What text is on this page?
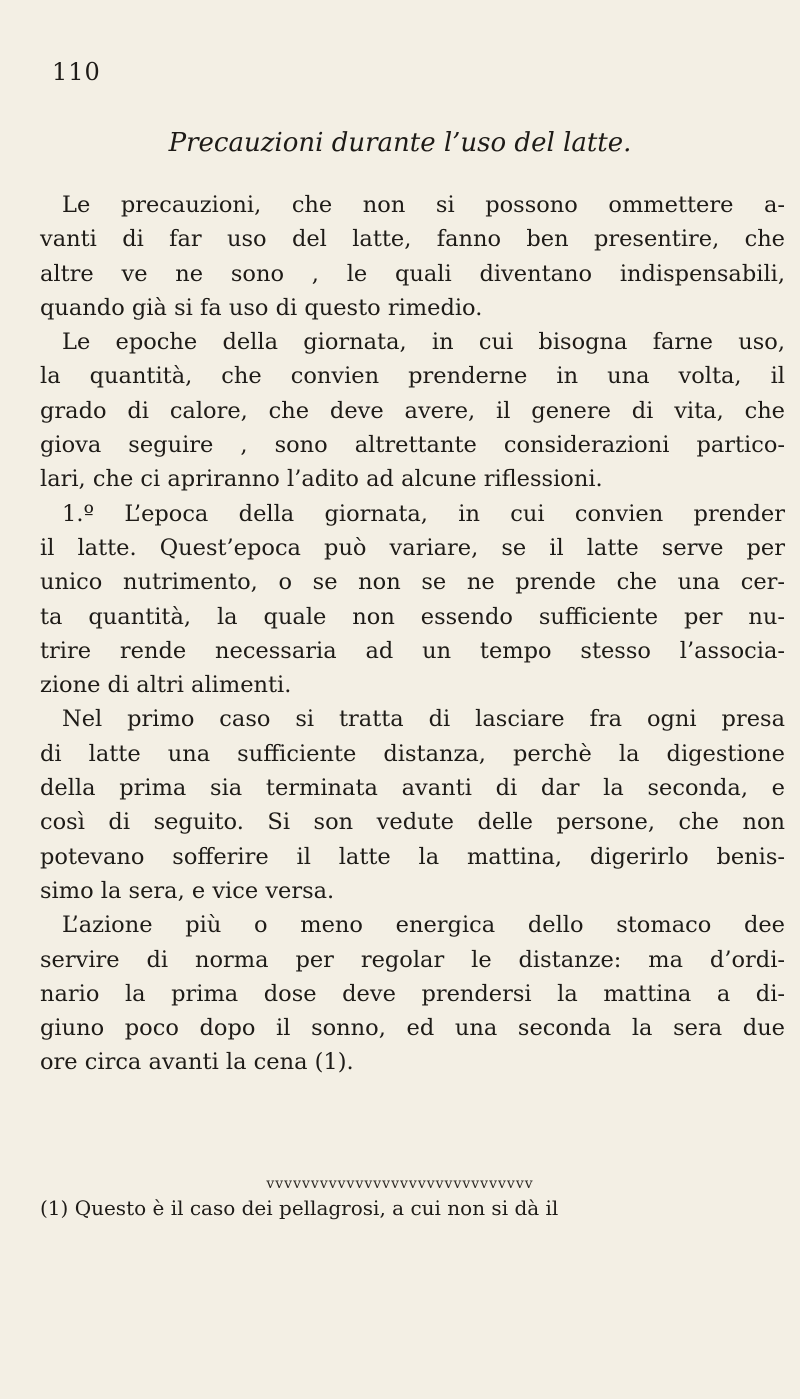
110
Precauzioni durante l’uso del latte.
Le precauzioni, che non si possono ommettere a-
vanti di far uso del latte, fanno ben presentire, che
altre ve ne sono , le quali diventano indispensabili,
quando già si fa uso di questo rimedio.
Le epoche della giornata, in cui bisogna farne uso,
la quantità, che convien prenderne in una volta, il
grado di calore, che deve avere, il genere di vita, che
giova seguire , sono altrettante considerazioni partico-
lari, che ci apriranno l’adito ad alcune riflessioni.
1.º L’epoca della giornata, in cui convien prender
il latte. Quest’epoca può variare, se il latte serve per
unico nutrimento, o se non se ne prende che una cer-
ta quantità, la quale non essendo sufficiente per nu-
trire rende necessaria ad un tempo stesso l’associa-
zione di altri alimenti.
Nel primo caso si tratta di lasciare fra ogni presa
di latte una sufficiente distanza, perchè la digestione
della prima sia terminata avanti di dar la seconda, e
così di seguito. Si son vedute delle persone, che non
potevano sofferire il latte la mattina, digerirlo benis-
simo la sera, e vice versa.
L’azione più o meno energica dello stomaco dee
servire di norma per regolar le distanze: ma d’ordi-
nario la prima dose deve prendersi la mattina a di-
giuno poco dopo il sonno, ed una seconda la sera due
ore circa avanti la cena (1).
vvvvvvvvvvvvvvvvvvvvvvvvvvvvvv
(1) Questo è il caso dei pellagrosi, a cui non si dà il
